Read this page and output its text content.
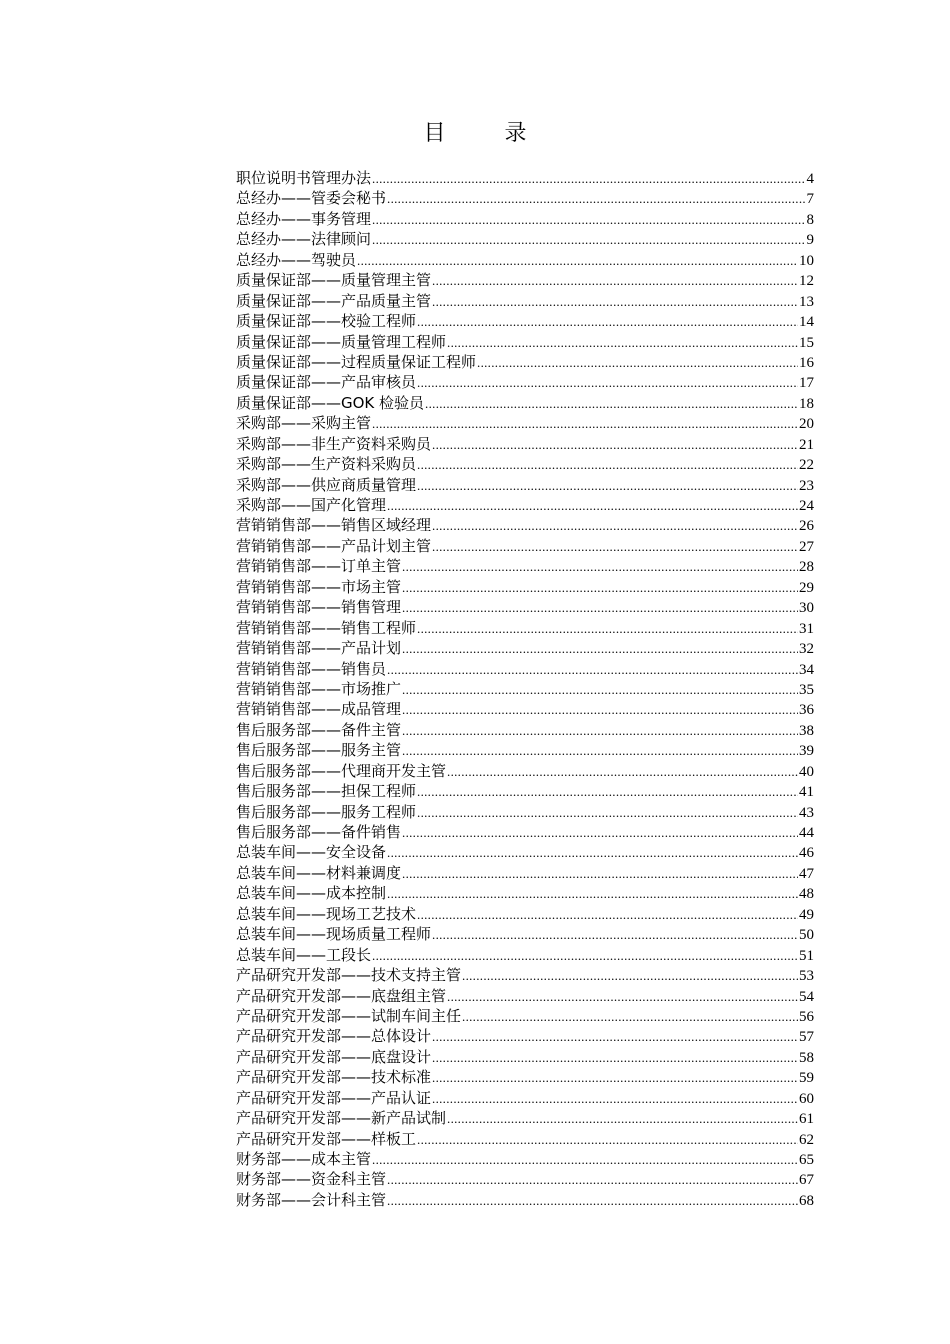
目 录
职位说明书管理办法 .....	4
总经办——管委会秘书 .....	7
总经办——事务管理 .....	8
总经办——法律顾问 .....	9
总经办——驾驶员 .....	10
质量保证部——质量管理主管 .....	12
质量保证部——产品质量主管 .....	13
质量保证部——校验工程师 .....	14
质量保证部——质量管理工程师 .....	15
质量保证部——过程质量保证工程师 .....	16
质量保证部——产品审核员 .....	17
质量保证部——GOK 检验员 .....	18
采购部——采购主管 .....	20
采购部——非生产资料采购员 .....	21
采购部——生产资料采购员 .....	22
采购部——供应商质量管理 .....	23
采购部——国产化管理 .....	24
营销销售部——销售区域经理 .....	26
营销销售部——产品计划主管 .....	27
营销销售部——订单主管 .....	28
营销销售部——市场主管 .....	29
营销销售部——销售管理 .....	30
营销销售部——销售工程师 .....	31
营销销售部——产品计划 .....	32
营销销售部——销售员 .....	34
营销销售部——市场推广 .....	35
营销销售部——成品管理 .....	36
售后服务部——备件主管 .....	38
售后服务部——服务主管 .....	39
售后服务部——代理商开发主管 .....	40
售后服务部——担保工程师 .....	41
售后服务部——服务工程师 .....	43
售后服务部——备件销售 .....	44
总装车间——安全设备 .....	46
总装车间——材料兼调度 .....	47
总装车间——成本控制 .....	48
总装车间——现场工艺技术 .....	49
总装车间——现场质量工程师 .....	50
总装车间——工段长 .....	51
产品研究开发部——技术支持主管 .....	53
产品研究开发部——底盘组主管 .....	54
产品研究开发部——试制车间主任 .....	56
产品研究开发部——总体设计 .....	57
产品研究开发部——底盘设计 .....	58
产品研究开发部——技术标准 .....	59
产品研究开发部——产品认证 .....	60
产品研究开发部——新产品试制 .....	61
产品研究开发部——样板工 .....	62
财务部——成本主管 .....	65
财务部——资金科主管 .....	67
财务部——会计科主管 .....	68
